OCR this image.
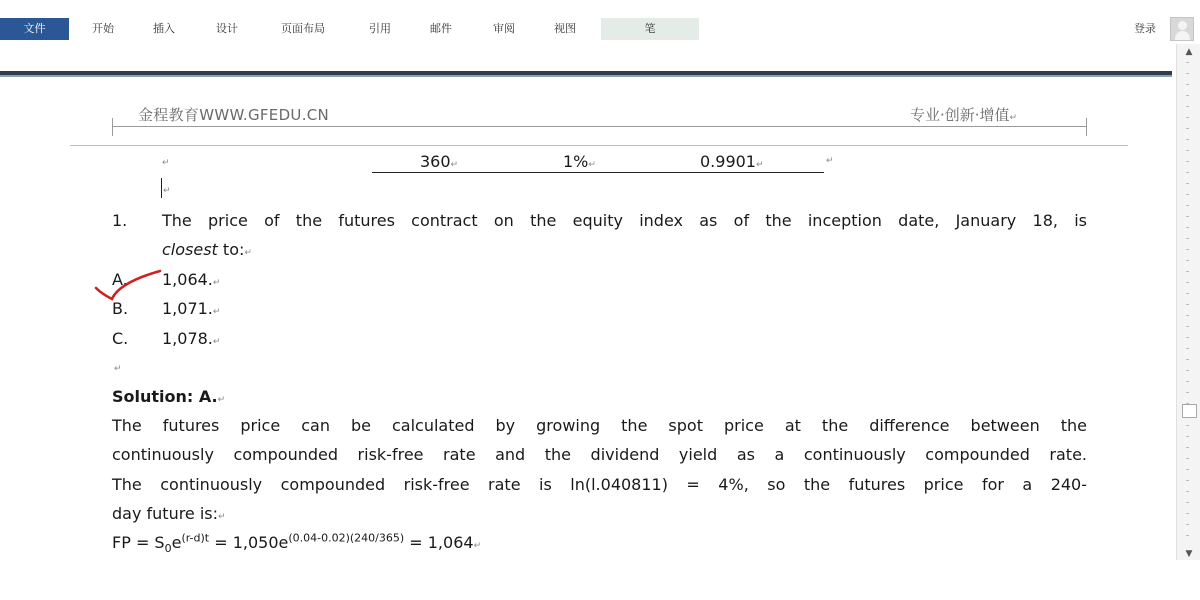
文件	开始	插入	设计	页面布局	引用	邮件	审阅	视图	笔	登录
▲
▼
金程教育WWW.GFEDU.CN	专业·创新·增值↵
↵	360↵	1%↵	0.9901↵	↵
↵
1. The price of the futures contract on the equity index as of the inception date, January 18, is
closest to:↵
A. 1,064.↵
B. 1,071.↵
C. 1,078.↵
↵
Solution: A.↵
The futures price can be calculated by growing the spot price at the difference between the
continuously compounded risk-free rate and the dividend yield as a continuously compounded rate.
The continuously compounded risk-free rate is ln(l.040811) = 4%, so the futures price for a 240-
day future is:↵
FP = $S_0e^{(r-d)t} = 1,050e^{(0.04-0.02)(240/365)}$ = 1,064↵
